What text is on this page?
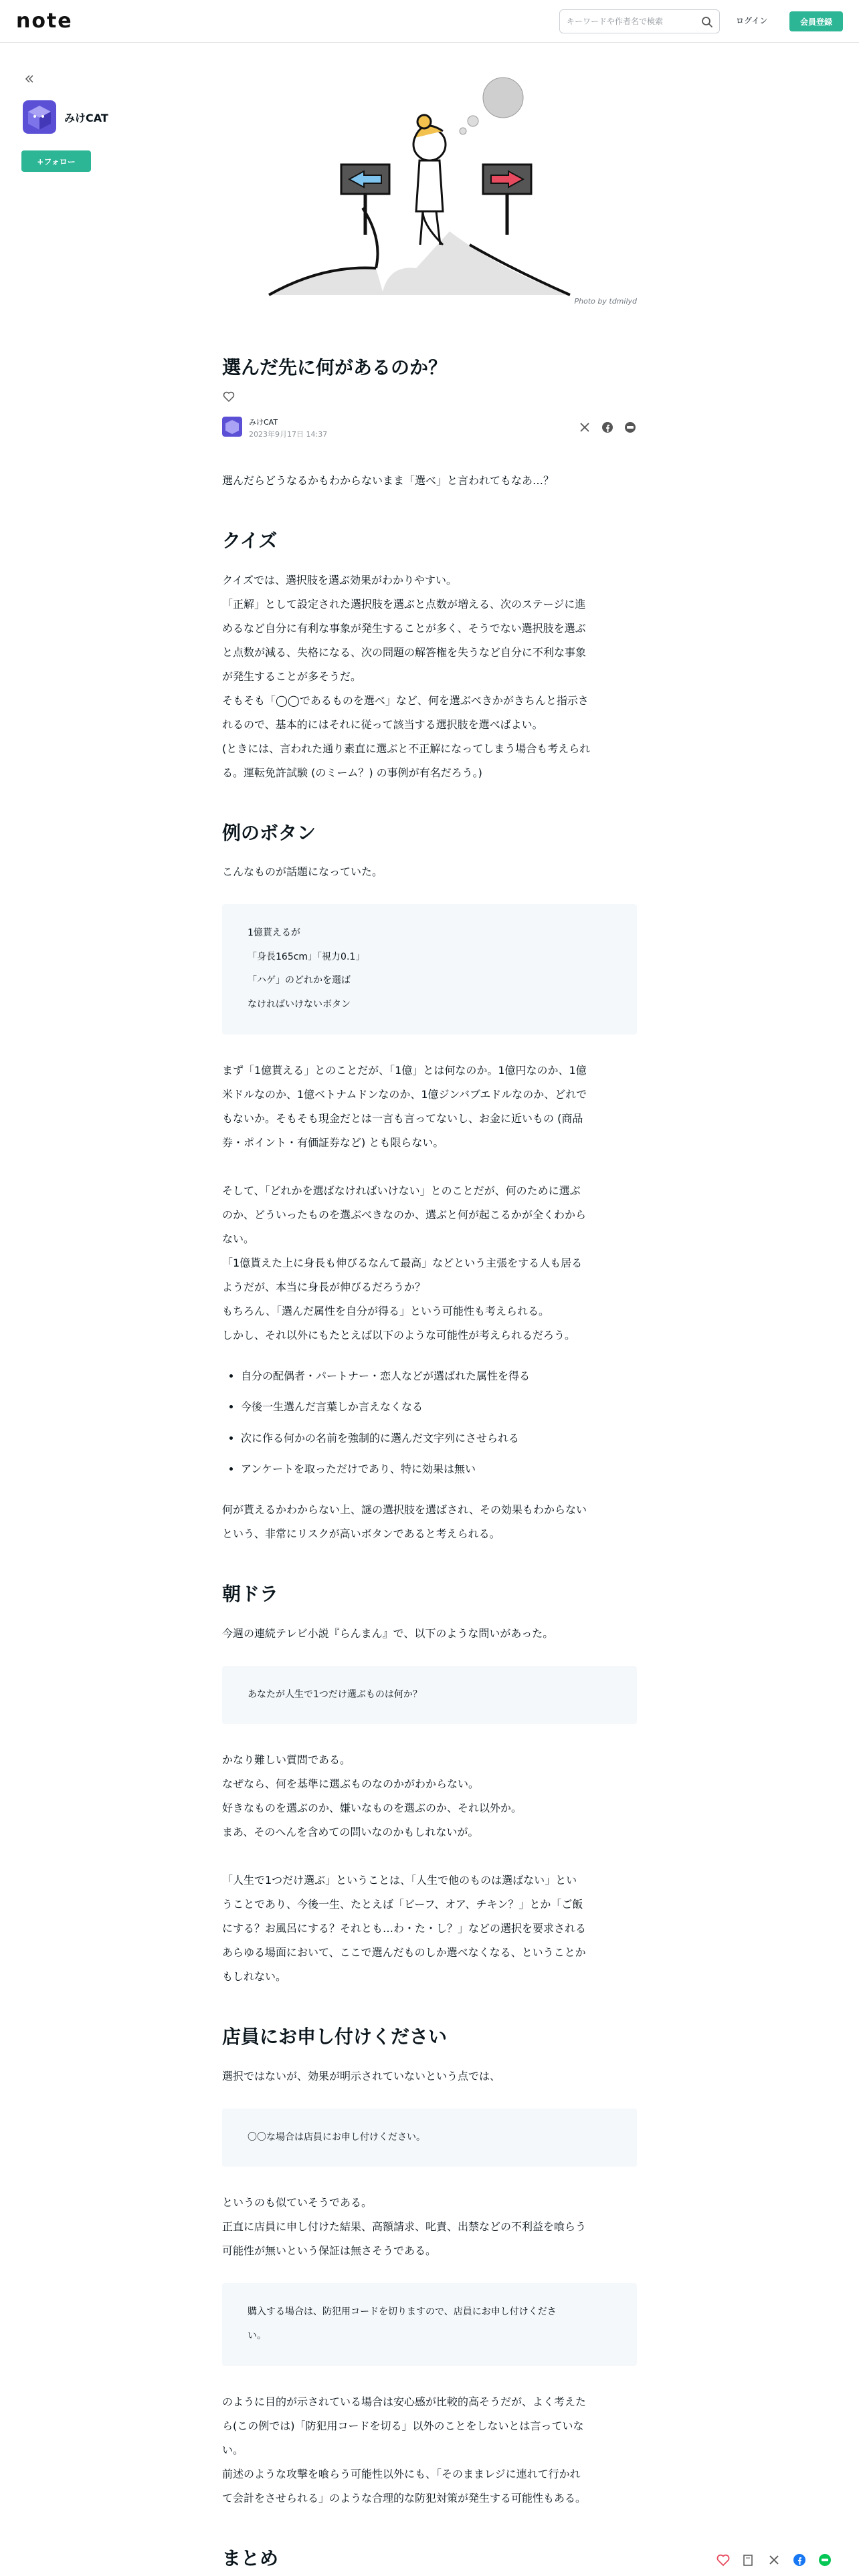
note
キーワードや作者名で検索	ログイン	会員登録
みけCAT
+フォロー
Photo by tdmilyd
選んだ先に何があるのか？
みけCAT
2023年9月17日 14:37

選んだらどうなるかもわからないまま「選べ」と言われてもなあ…？

クイズ

クイズでは、選択肢を選ぶ効果がわかりやすい。
「正解」として設定された選択肢を選ぶと点数が増える、次のステージに進
めるなど自分に有利な事象が発生することが多く、そうでない選択肢を選ぶ
と点数が減る、失格になる、次の問題の解答権を失うなど自分に不利な事象
が発生することが多そうだ。
そもそも「◯◯であるものを選べ」など、何を選ぶべきかがきちんと指示さ
れるので、基本的にはそれに従って該当する選択肢を選べばよい。
(ときには、言われた通り素直に選ぶと不正解になってしまう場合も考えられ
る。運転免許試験 (のミーム？) の事例が有名だろう。)

例のボタン

こんなものが話題になっていた。

1億貰えるが
「身長165cm」「視力0.1」
「ハゲ」のどれかを選ば
なければいけないボタン

まず「1億貰える」とのことだが、「1億」とは何なのか。1億円なのか、1億
米ドルなのか、1億ベトナムドンなのか、1億ジンバブエドルなのか、どれで
もないか。そもそも現金だとは一言も言ってないし、お金に近いもの (商品
券・ポイント・有価証券など) とも限らない。

そして、「どれかを選ばなければいけない」とのことだが、何のために選ぶ
のか、どういったものを選ぶべきなのか、選ぶと何が起こるかが全くわから
ない。
「1億貰えた上に身長も伸びるなんて最高」などという主張をする人も居る
ようだが、本当に身長が伸びるだろうか？
もちろん、「選んだ属性を自分が得る」という可能性も考えられる。
しかし、それ以外にもたとえば以下のような可能性が考えられるだろう。

• 自分の配偶者・パートナー・恋人などが選ばれた属性を得る
• 今後一生選んだ言葉しか言えなくなる
• 次に作る何かの名前を強制的に選んだ文字列にさせられる
• アンケートを取っただけであり、特に効果は無い

何が貰えるかわからない上、謎の選択肢を選ばされ、その効果もわからない
という、非常にリスクが高いボタンであると考えられる。

朝ドラ

今週の連続テレビ小説『らんまん』で、以下のような問いがあった。

あなたが人生で1つだけ選ぶものは何か？

かなり難しい質問である。
なぜなら、何を基準に選ぶものなのかがわからない。
好きなものを選ぶのか、嫌いなものを選ぶのか、それ以外か。
まあ、そのへんを含めての問いなのかもしれないが。

「人生で1つだけ選ぶ」ということは、「人生で他のものは選ばない」とい
うことであり、今後一生、たとえば「ビーフ、オア、チキン？」とか「ご飯
にする？お風呂にする？それとも…わ・た・し？」などの選択を要求される
あらゆる場面において、ここで選んだものしか選べなくなる、ということか
もしれない。

店員にお申し付けください

選択ではないが、効果が明示されていないという点では、

〇〇な場合は店員にお申し付けください。

というのも似ていそうである。
正直に店員に申し付けた結果、高額請求、叱責、出禁などの不利益を喰らう
可能性が無いという保証は無さそうである。

購入する場合は、防犯用コードを切りますので、店員にお申し付けくださ
い。

のように目的が示されている場合は安心感が比較的高そうだが、よく考えた
ら(この例では)「防犯用コードを切る」以外のことをしないとは言っていな
い。
前述のような攻撃を喰らう可能性以外にも、「そのままレジに連れて行かれ
て会計をさせられる」のような合理的な防犯対策が発生する可能性もある。

まとめ
